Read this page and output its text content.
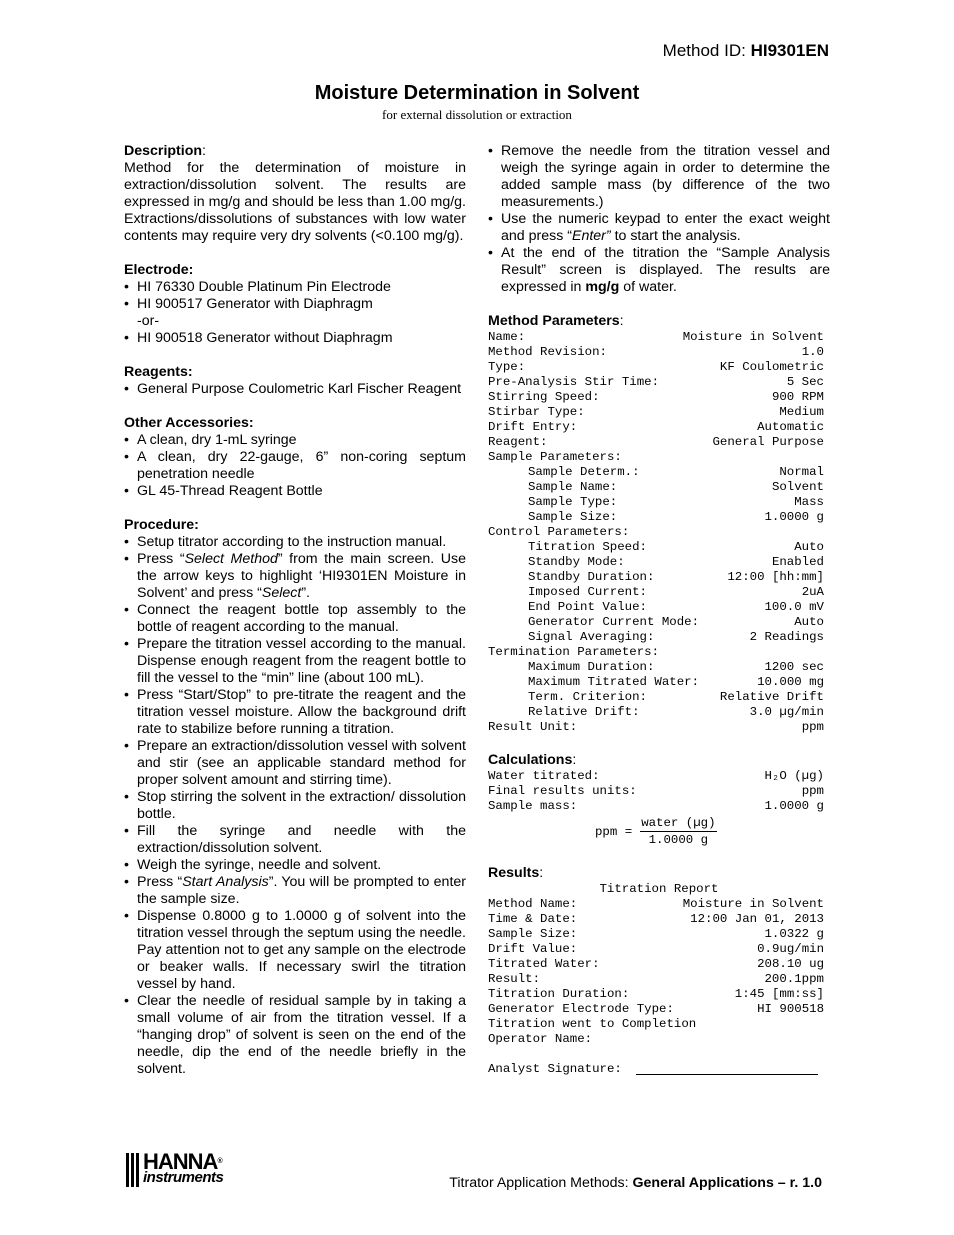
Method ID: HI9301EN
Moisture Determination in Solvent
for external dissolution or extraction

Description:

Method for the determination of moisture in extraction/dissolution solvent. The results are expressed in mg/g and should be less than 1.00 mg/g. Extractions/dissolutions of substances with low water contents may require very dry solvents (<0.100 mg/g).

Electrode:

• HI 76330 Double Platinum Pin Electrode
• HI 900517 Generator with Diaphragm
-or-
• HI 900518 Generator without Diaphragm

Reagents:

• General Purpose Coulometric Karl Fischer Reagent

Other Accessories:

• A clean, dry 1-mL syringe
• A clean, dry 22-gauge, 6” non-coring septum penetration needle
• GL 45-Thread Reagent Bottle

Procedure:

• Setup titrator according to the instruction manual.
• Press “Select Method” from the main screen. Use the arrow keys to highlight ‘HI9301EN Moisture in Solvent’ and press “Select”.
• Connect the reagent bottle top assembly to the bottle of reagent according to the manual.
• Prepare the titration vessel according to the manual. Dispense enough reagent from the reagent bottle to fill the vessel to the “min” line (about 100 mL).
• Press “Start/Stop” to pre-titrate the reagent and the titration vessel moisture. Allow the background drift rate to stabilize before running a titration.
• Prepare an extraction/dissolution vessel with solvent and stir (see an applicable standard method for proper solvent amount and stirring time).
• Stop stirring the solvent in the extraction/ dissolution bottle.
• Fill the syringe and needle with the extraction/dissolution solvent.
• Weigh the syringe, needle and solvent.
• Press “Start Analysis”. You will be prompted to enter the sample size.
• Dispense 0.8000 g to 1.0000 g of solvent into the titration vessel through the septum using the needle. Pay attention not to get any sample on the electrode or beaker walls. If necessary swirl the titration vessel by hand.
• Clear the needle of residual sample by in taking a small volume of air from the titration vessel. If a “hanging drop” of solvent is seen on the end of the needle, dip the end of the needle briefly in the solvent.
• Remove the needle from the titration vessel and weigh the syringe again in order to determine the added sample mass (by difference of the two measurements.)
• Use the numeric keypad to enter the exact weight and press “Enter” to start the analysis.
• At the end of the titration the “Sample Analysis Result” screen is displayed. The results are expressed in mg/g of water.

Method Parameters:

Name:	Moisture in Solvent
Method Revision:	1.0
Type:	KF Coulometric
Pre-Analysis Stir Time:	5 Sec
Stirring Speed:	900 RPM
Stirbar Type:	Medium
Drift Entry:	Automatic
Reagent:	General Purpose
Sample Parameters:
Sample Determ.:	Normal
Sample Name:	Solvent
Sample Type:	Mass
Sample Size:	1.0000 g
Control Parameters:
Titration Speed:	Auto
Standby Mode:	Enabled
Standby Duration:	12:00 [hh:mm]
Imposed Current:	2uA
End Point Value:	100.0 mV
Generator Current Mode:	Auto
Signal Averaging:	2 Readings
Termination Parameters:
Maximum Duration:	1200 sec
Maximum Titrated Water:	10.000 mg
Term. Criterion:	Relative Drift
Relative Drift:	3.0 µg/min
Result Unit:	ppm

Calculations:

Water titrated:	H₂O (µg)
Final results units:	ppm
Sample mass:	1.0000 g
ppm = $\frac{\text{water (µg)}}{1.0000 g}$

Results:

Titration Report
Method Name:	Moisture in Solvent
Time & Date:	12:00 Jan 01, 2013
Sample Size:	1.0322 g
Drift Value:	0.9ug/min
Titrated Water:	208.10 ug
Result:	200.1ppm
Titration Duration:	1:45 [mm:ss]
Generator Electrode Type:	HI 900518
Titration went to Completion
Operator Name:
Analyst Signature:
HANNA®
instruments	Titrator Application Methods: General Applications – r. 1.0
